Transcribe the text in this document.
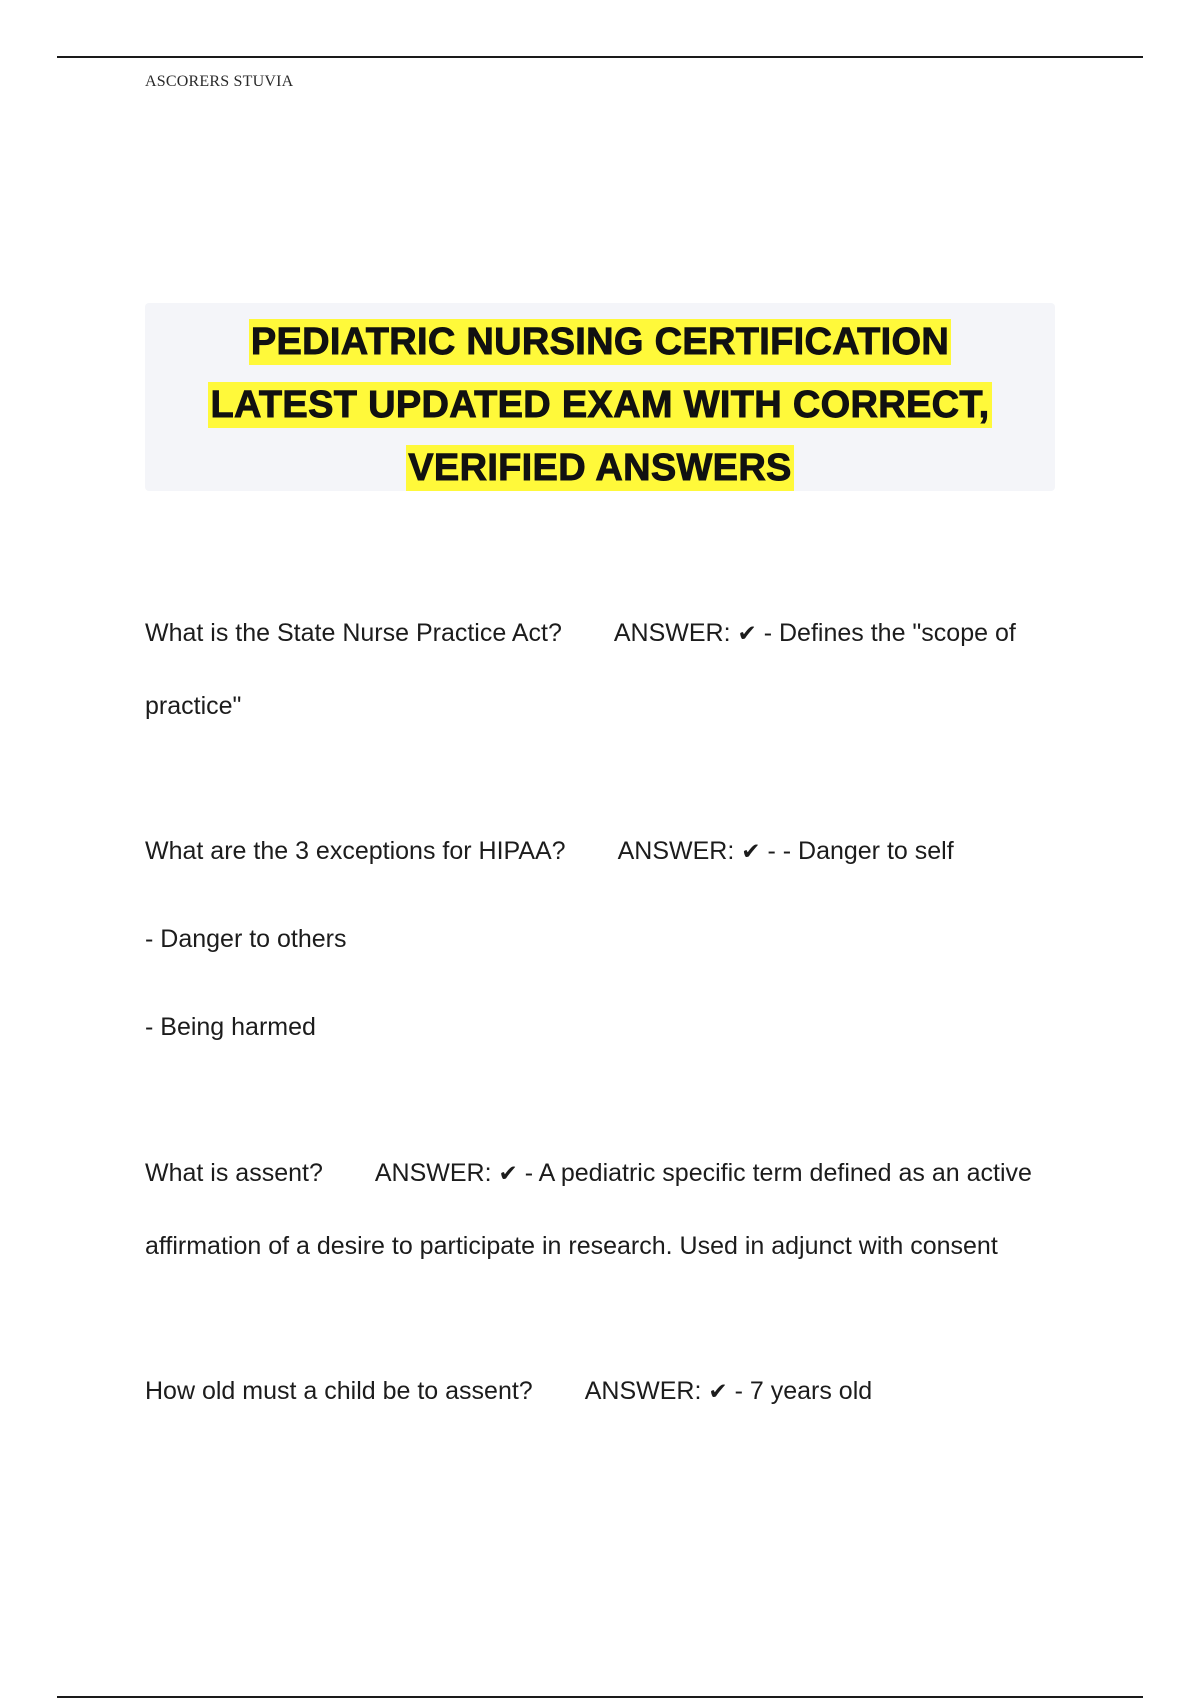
ASCORERS STUVIA
PEDIATRIC NURSING CERTIFICATION
LATEST UPDATED EXAM WITH CORRECT,
VERIFIED ANSWERS
What is the State Nurse Practice Act? ANSWER: ✔ - Defines the "scope of
practice"
What are the 3 exceptions for HIPAA? ANSWER: ✔ - - Danger to self
- Danger to others
- Being harmed
What is assent? ANSWER: ✔ - A pediatric specific term defined as an active
affirmation of a desire to participate in research. Used in adjunct with consent
How old must a child be to assent? ANSWER: ✔ - 7 years old
